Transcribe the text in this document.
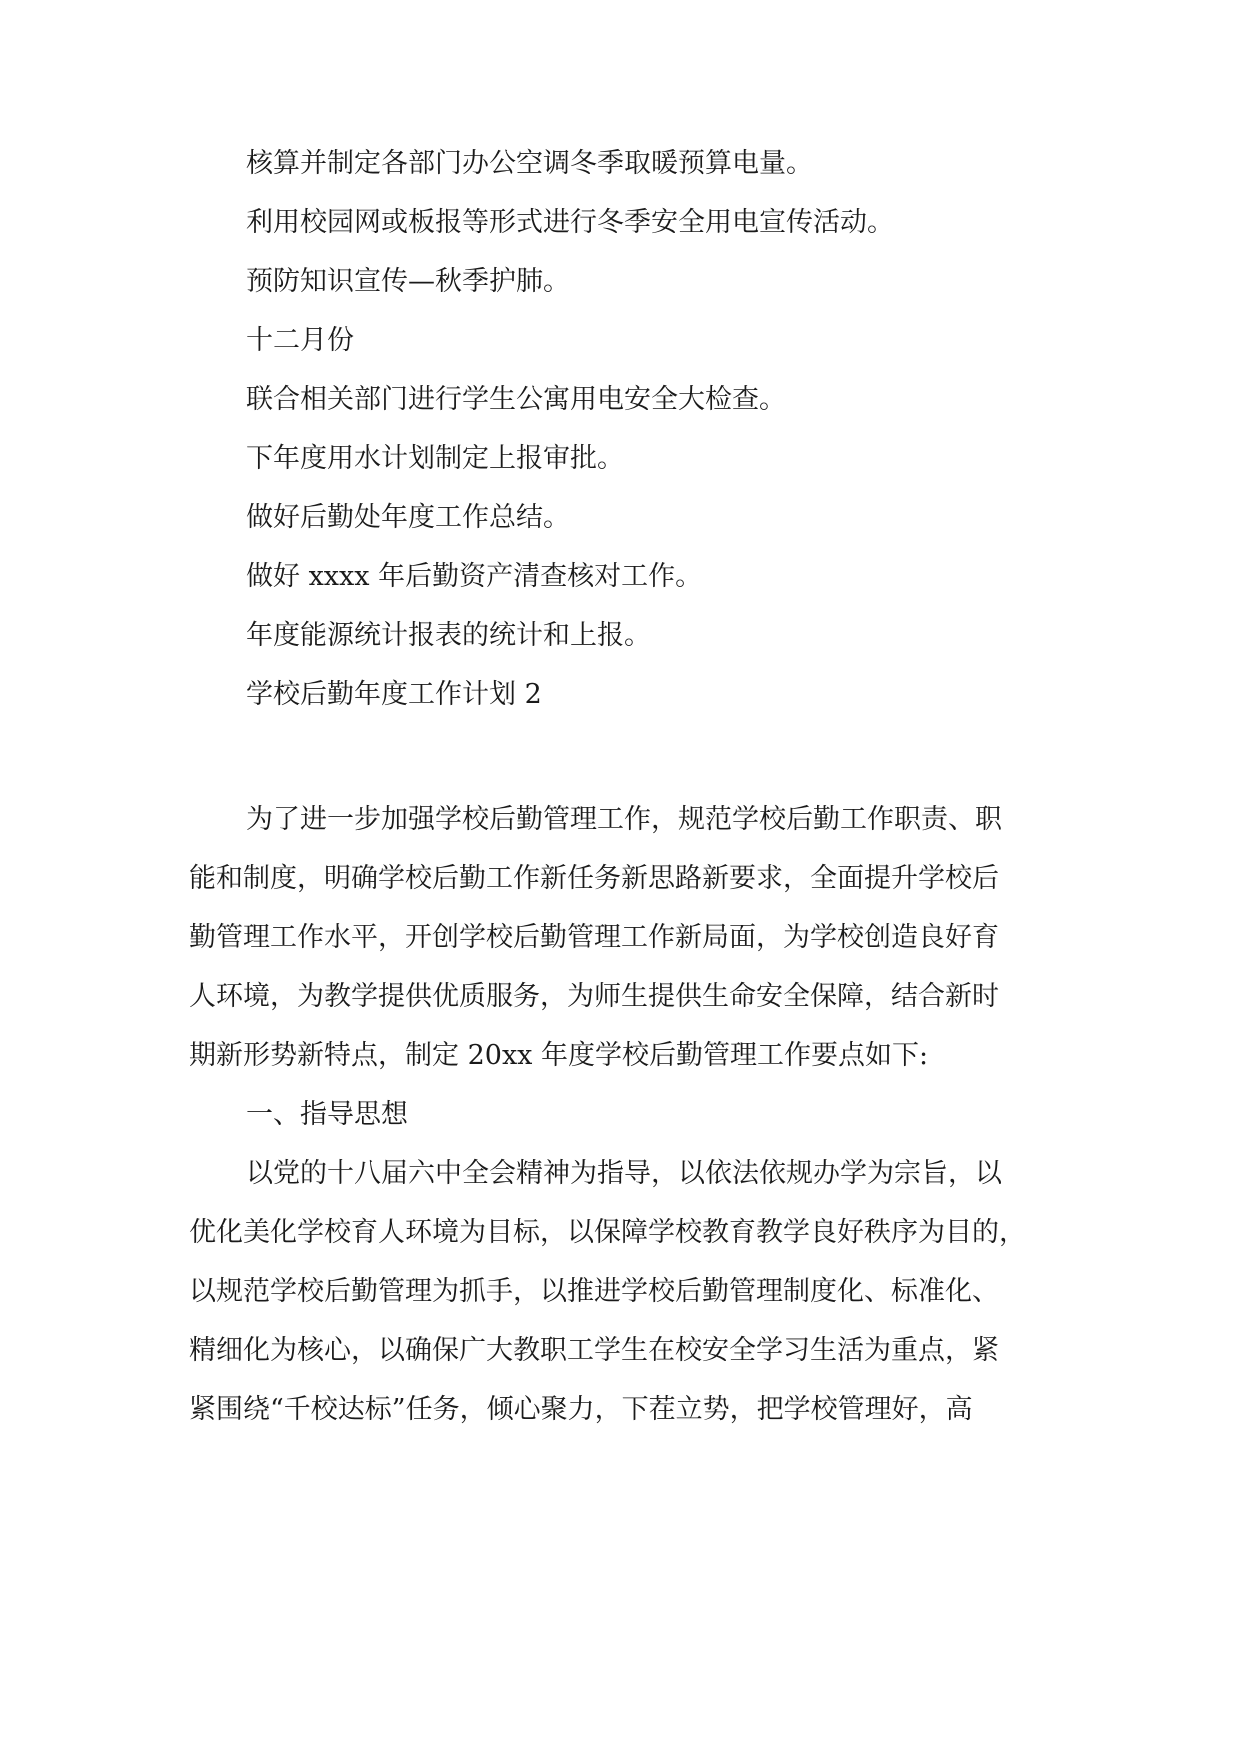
核算并制定各部门办公空调冬季取暖预算电量。
利用校园网或板报等形式进行冬季安全用电宣传活动。
预防知识宣传—秋季护肺。
十二月份
联合相关部门进行学生公寓用电安全大检查。
下年度用水计划制定上报审批。
做好后勤处年度工作总结。
做好 xxxx 年后勤资产清查核对工作。
年度能源统计报表的统计和上报。
学校后勤年度工作计划 2
为了进一步加强学校后勤管理工作，规范学校后勤工作职责、职
能和制度，明确学校后勤工作新任务新思路新要求，全面提升学校后
勤管理工作水平，开创学校后勤管理工作新局面，为学校创造良好育
人环境，为教学提供优质服务，为师生提供生命安全保障，结合新时
期新形势新特点，制定 20xx 年度学校后勤管理工作要点如下:
一、指导思想
以党的十八届六中全会精神为指导，以依法依规办学为宗旨，以
优化美化学校育人环境为目标，以保障学校教育教学良好秩序为目的，
以规范学校后勤管理为抓手，以推进学校后勤管理制度化、标准化、
精细化为核心，以确保广大教职工学生在校安全学习生活为重点，紧
紧围绕“千校达标”任务，倾心聚力，下茬立势，把学校管理好，高
